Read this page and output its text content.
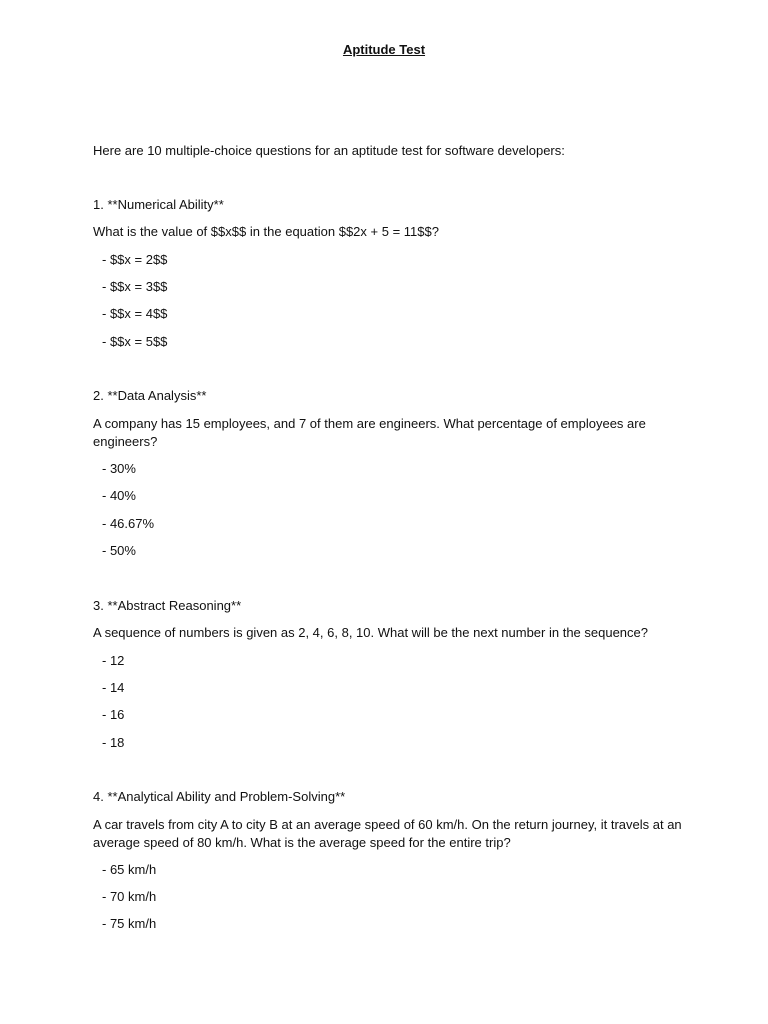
Aptitude Test
Here are 10 multiple-choice questions for an aptitude test for software developers:
1. **Numerical Ability**
What is the value of $$x$$ in the equation $$2x + 5 = 11$$?
- $$x = 2$$
- $$x = 3$$
- $$x = 4$$
- $$x = 5$$
2. **Data Analysis**
A company has 15 employees, and 7 of them are engineers. What percentage of employees are engineers?
- 30%
- 40%
- 46.67%
- 50%
3. **Abstract Reasoning**
A sequence of numbers is given as 2, 4, 6, 8, 10. What will be the next number in the sequence?
- 12
- 14
- 16
- 18
4. **Analytical Ability and Problem-Solving**
A car travels from city A to city B at an average speed of 60 km/h. On the return journey, it travels at an average speed of 80 km/h. What is the average speed for the entire trip?
- 65 km/h
- 70 km/h
- 75 km/h
